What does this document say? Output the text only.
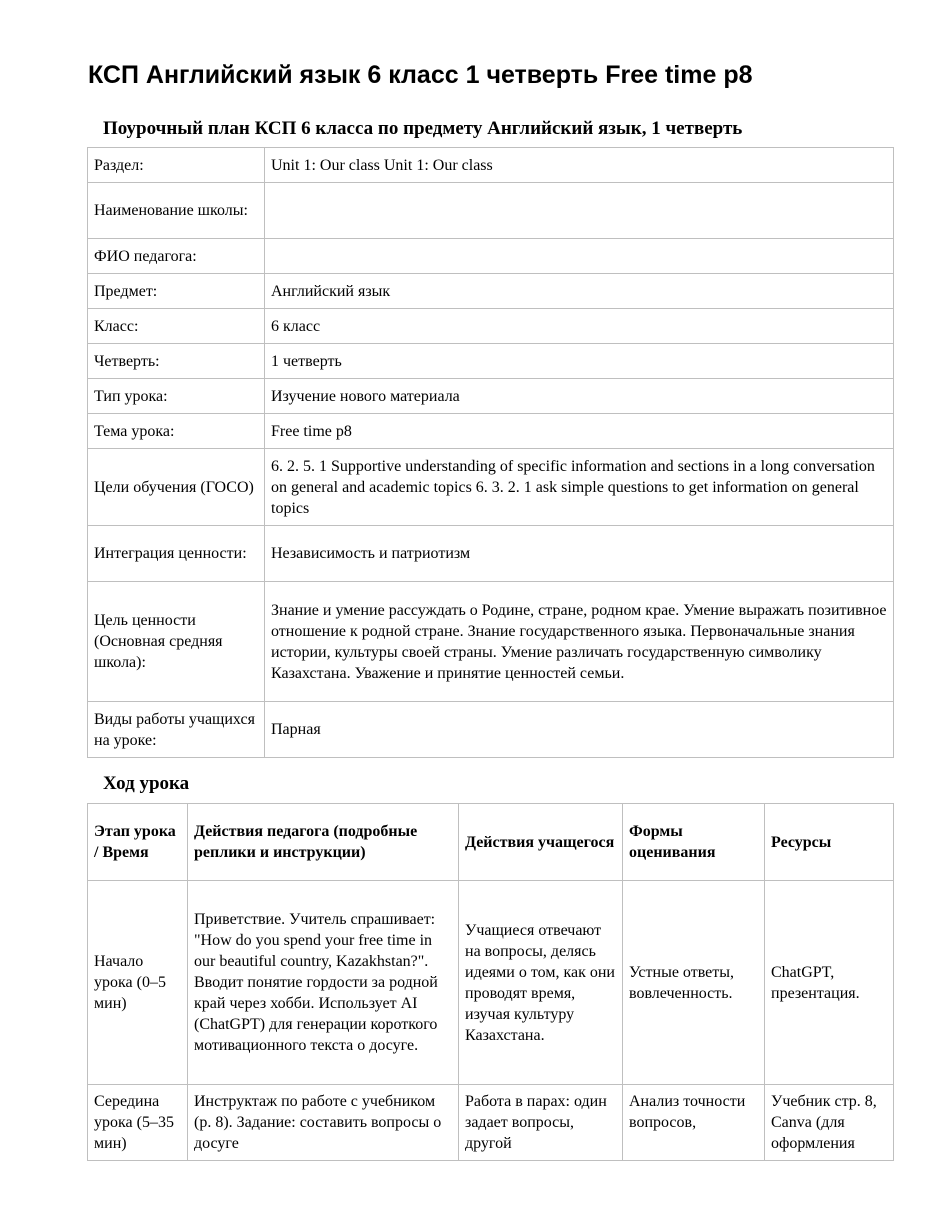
КСП Английский язык 6 класс 1 четверть Free time p8
Поурочный план КСП 6 класса по предмету Английский язык, 1 четверть
Раздел:	Unit 1: Our class Unit 1: Our class
Наименование школы:	
ФИО педагога:	
Предмет:	Английский язык
Класс:	6 класс
Четверть:	1 четверть
Тип урока:	Изучение нового материала
Тема урока:	Free time p8
Цели обучения (ГОСО)	6. 2. 5. 1 Supportive understanding of specific information and sections in a long conversation on general and academic topics 6. 3. 2. 1 ask simple questions to get information on general topics
Интеграция ценности:	Независимость и патриотизм
Цель ценности (Основная средняя школа):	Знание и умение рассуждать о Родине, стране, родном крае. Умение выражать позитивное отношение к родной стране. Знание государственного языка. Первоначальные знания истории, культуры своей страны. Умение различать государственную символику Казахстана. Уважение и принятие ценностей семьи.
Виды работы учащихся на уроке:	Парная
Ход урока
Этап урока / Время	Действия педагога (подробные реплики и инструкции)	Действия учащегося	Формы оценивания	Ресурсы
Начало урока (0–5 мин)	Приветствие. Учитель спрашивает: "How do you spend your free time in our beautiful country, Kazakhstan?". Вводит понятие гордости за родной край через хобби. Использует AI (ChatGPT) для генерации короткого мотивационного текста о досуге.	Учащиеся отвечают на вопросы, делясь идеями о том, как они проводят время, изучая культуру Казахстана.	Устные ответы, вовлеченность.	ChatGPT, презентация.
Середина урока (5–35 мин)	Инструктаж по работе с учебником (p. 8). Задание: составить вопросы о досуге	Работа в парах: один задает вопросы, другой	Анализ точности вопросов,	Учебник стр. 8, Canva (для оформления
